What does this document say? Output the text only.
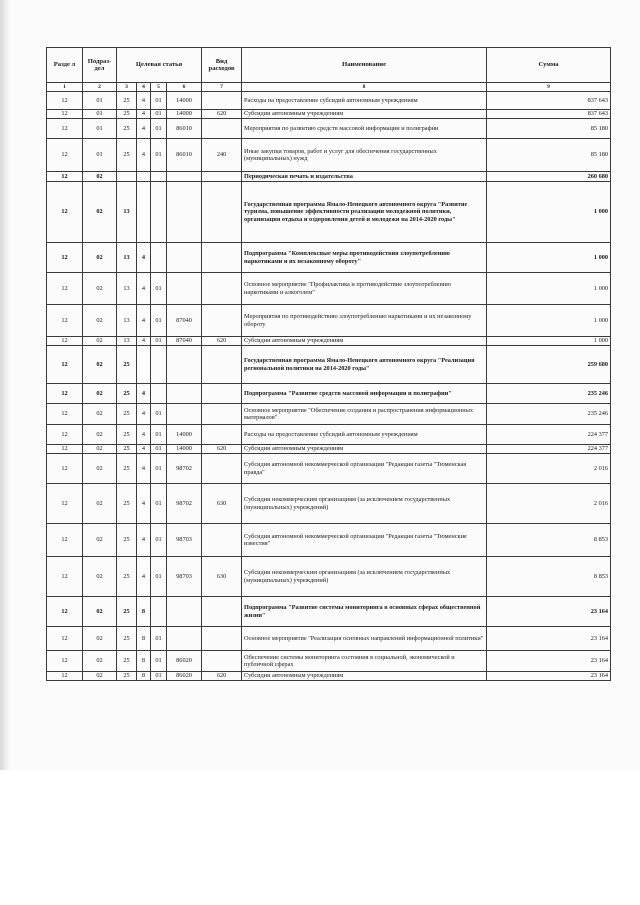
Разде л	Подраз- дел	Целевая статья				Вид расходов	Наименование	Сумма
1	2	3	4	5	6	7	8	9
12	01	25	4	01	14000		Расходы на предоставление субсидий автономным учреждениям	837 643
12	01	25	4	01	14000	620	Субсидии автономным учреждениям	837 643
12	01	25	4	01	86010		Мероприятия по развитию средств массовой информации и полиграфии	85 180
12	01	25	4	01	86010	240	Иные закупки товаров, работ и услуг для обеспечения государственных (муниципальных) нужд	85 180
12	02						Периодическая печать и издательства	260 680
12	02	13					Государственная программа Ямало-Ненецкого автономного округа "Развитие туризма, повышение эффективности реализации молодежной политики, организация отдыха и оздоровления детей и молодежи на 2014-2020 годы"	1 000
12	02	13	4				Подпрограмма "Комплексные меры противодействия злоупотреблению наркотиками и их незаконному обороту"	1 000
12	02	13	4	01			Основное мероприятие "Профилактика и противодействие злоупотреблению наркотиками и алкоголем"	1 000
12	02	13	4	01	87040		Мероприятия по противодействию злоупотреблению наркотиками и их незаконному обороту	1 000
12	02	13	4	01	87040	620	Субсидии автономным учреждениям	1 000
12	02	25					Государственная программа Ямало-Ненецкого автономного округа "Реализация региональной политики на 2014-2020 годы"	259 680
12	02	25	4				Подпрограмма "Развитие средств массовой информации и полиграфии"	235 246
12	02	25	4	01			Основное мероприятие "Обеспечение создания и распространения информационных материалов"	235 246
12	02	25	4	01	14000		Расходы на предоставление субсидий автономным учреждениям	224 377
12	02	25	4	01	14000	620	Субсидии автономным учреждениям	224 377
12	02	25	4	01	98702		Субсидия автономной некоммерческой организации "Редакция газеты "Тюменская правда"	2 016
12	02	25	4	01	98702	630	Субсидии некоммерческим организациям (за исключением государственных (муниципальных) учреждений)	2 016
12	02	25	4	01	98703		Субсидия автономной некоммерческой организации "Редакция газеты "Тюменские известия"	8 853
12	02	25	4	01	98703	630	Субсидии некоммерческим организациям (за исключением государственных (муниципальных) учреждений)	8 853
12	02	25	8				Подпрограмма "Развитие системы мониторинга в основных сферах общественной жизни"	23 164
12	02	25	8	01			Основное мероприятие "Реализация основных направлений информационной политики"	23 164
12	02	25	8	01	86020		Обеспечение системы мониторинга состояния в социальной, экономической и публичной сферах	23 164
12	02	25	8	01	86020	620	Субсидии автономным учреждениям	23 164
